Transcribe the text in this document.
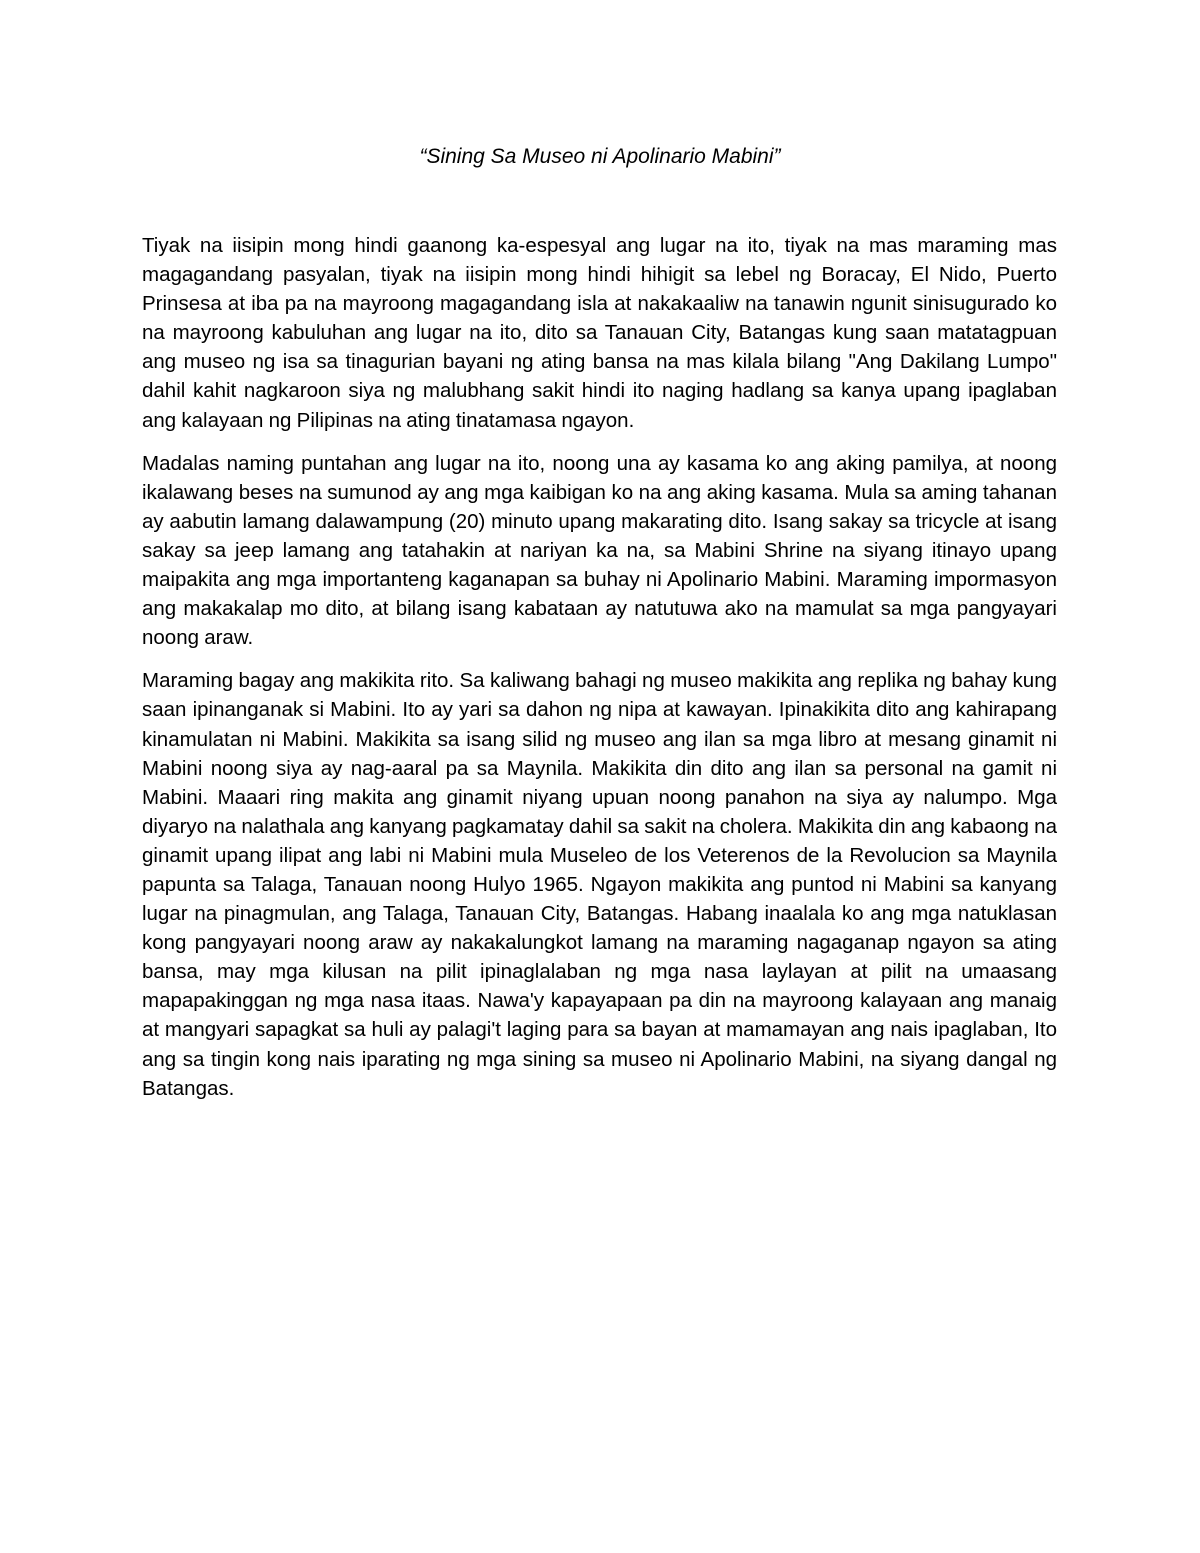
“Sining Sa Museo ni Apolinario Mabini”

Tiyak na iisipin mong hindi gaanong ka-espesyal ang lugar na ito, tiyak na mas maraming mas magagandang pasyalan, tiyak na iisipin mong hindi hihigit sa lebel ng Boracay, El Nido, Puerto Prinsesa at iba pa na mayroong magagandang isla at nakakaaliw na tanawin ngunit sinisugurado ko na mayroong kabuluhan ang lugar na ito, dito sa Tanauan City, Batangas kung saan matatagpuan ang museo ng isa sa tinagurian bayani ng ating bansa na mas kilala bilang "Ang Dakilang Lumpo" dahil kahit nagkaroon siya ng malubhang sakit hindi ito naging hadlang sa kanya upang ipaglaban ang kalayaan ng Pilipinas na ating tinatamasa ngayon.

Madalas naming puntahan ang lugar na ito, noong una ay kasama ko ang aking pamilya, at noong ikalawang beses na sumunod ay ang mga kaibigan ko na ang aking kasama. Mula sa aming tahanan ay aabutin lamang dalawampung (20) minuto upang makarating dito. Isang sakay sa tricycle at isang sakay sa jeep lamang ang tatahakin at nariyan ka na, sa Mabini Shrine na siyang itinayo upang maipakita ang mga importanteng kaganapan sa buhay ni Apolinario Mabini. Maraming impormasyon ang makakalap mo dito, at bilang isang kabataan ay natutuwa ako na mamulat sa mga pangyayari noong araw.

Maraming bagay ang makikita rito. Sa kaliwang bahagi ng museo makikita ang replika ng bahay kung saan ipinanganak si Mabini. Ito ay yari sa dahon ng nipa at kawayan. Ipinakikita dito ang kahirapang kinamulatan ni Mabini. Makikita sa isang silid ng museo ang ilan sa mga libro at mesang ginamit ni Mabini noong siya ay nag-aaral pa sa Maynila. Makikita din dito ang ilan sa personal na gamit ni Mabini. Maaari ring makita ang ginamit niyang upuan noong panahon na siya ay nalumpo. Mga diyaryo na nalathala ang kanyang pagkamatay dahil sa sakit na cholera. Makikita din ang kabaong na ginamit upang ilipat ang labi ni Mabini mula Museleo de los Veterenos de la Revolucion sa Maynila papunta sa Talaga, Tanauan noong Hulyo 1965. Ngayon makikita ang puntod ni Mabini sa kanyang lugar na pinagmulan, ang Talaga, Tanauan City, Batangas. Habang inaalala ko ang mga natuklasan kong pangyayari noong araw ay nakakalungkot lamang na maraming nagaganap ngayon sa ating bansa, may mga kilusan na pilit ipinaglalaban ng mga nasa laylayan at pilit na umaasang mapapakinggan ng mga nasa itaas. Nawa'y kapayapaan pa din na mayroong kalayaan ang manaig at mangyari sapagkat sa huli ay palagi't laging para sa bayan at mamamayan ang nais ipaglaban, Ito ang sa tingin kong nais iparating ng mga sining sa museo ni Apolinario Mabini, na siyang dangal ng Batangas.
